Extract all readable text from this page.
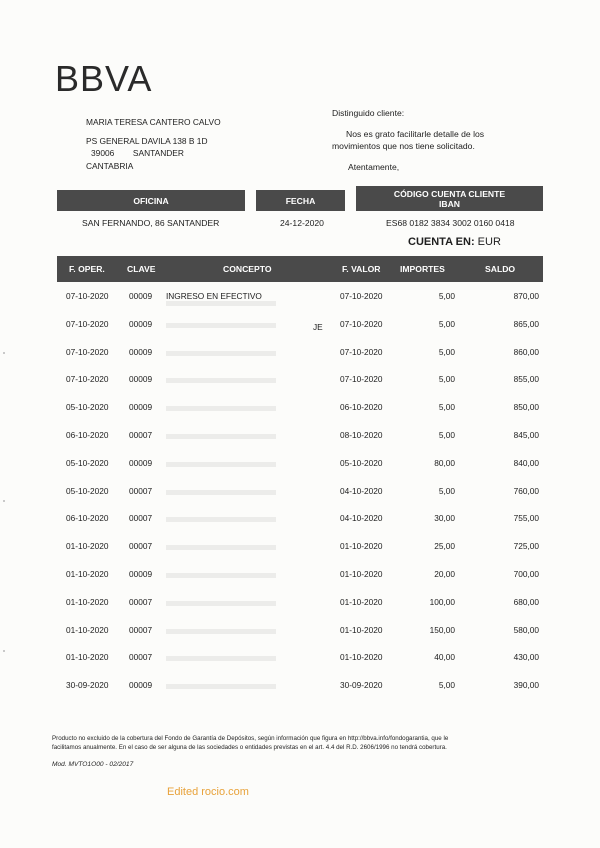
BBVA
MARIA TERESA CANTERO CALVO
PS GENERAL DAVILA 138 B 1D
39006        SANTANDER
CANTABRIA
Distinguido cliente:
Nos es grato facilitarle detalle de los
movimientos que nos tiene solicitado.
Atentamente,
OFICINA	FECHA
CÓDIGO CUENTA CLIENTE
IBAN
SAN FERNANDO, 86 SANTANDER	24-12-2020	ES68 0182 3834 3002 0160 0418
CUENTA EN: EUR
F. OPER.	CLAVE	CONCEPTO	F. VALOR IMPORTES	SALDO
07-10-2020 00009 INGRESO EN EFECTIVO	07-10-2020	5,00	870,00
07-10-2020 00009	07-10-2020	5,00	865,00
07-10-2020 00009	07-10-2020	5,00	860,00
07-10-2020 00009	07-10-2020	5,00	855,00
05-10-2020 00009	06-10-2020	5,00	850,00
06-10-2020 00007	08-10-2020	5,00	845,00
05-10-2020 00009	05-10-2020	80,00	840,00
05-10-2020 00007	04-10-2020	5,00	760,00
06-10-2020 00007	04-10-2020	30,00	755,00
01-10-2020 00007	01-10-2020	25,00	725,00
01-10-2020 00009	01-10-2020	20,00	700,00
01-10-2020 00007	01-10-2020	100,00	680,00
01-10-2020 00007	01-10-2020	150,00	580,00
01-10-2020 00007	01-10-2020	40,00	430,00
30-09-2020 00009	30-09-2020	5,00	390,00
JE
Producto no excluido de la cobertura del Fondo de Garantía de Depósitos, según información que figura en http://bbva.info/fondogarantia, que le
facilitamos anualmente. En el caso de ser alguna de las sociedades o entidades previstas en el art. 4.4 del R.D. 2606/1996 no tendrá cobertura.
Mod. MVTO1O00 - 02/2017
Edited rocio.com
